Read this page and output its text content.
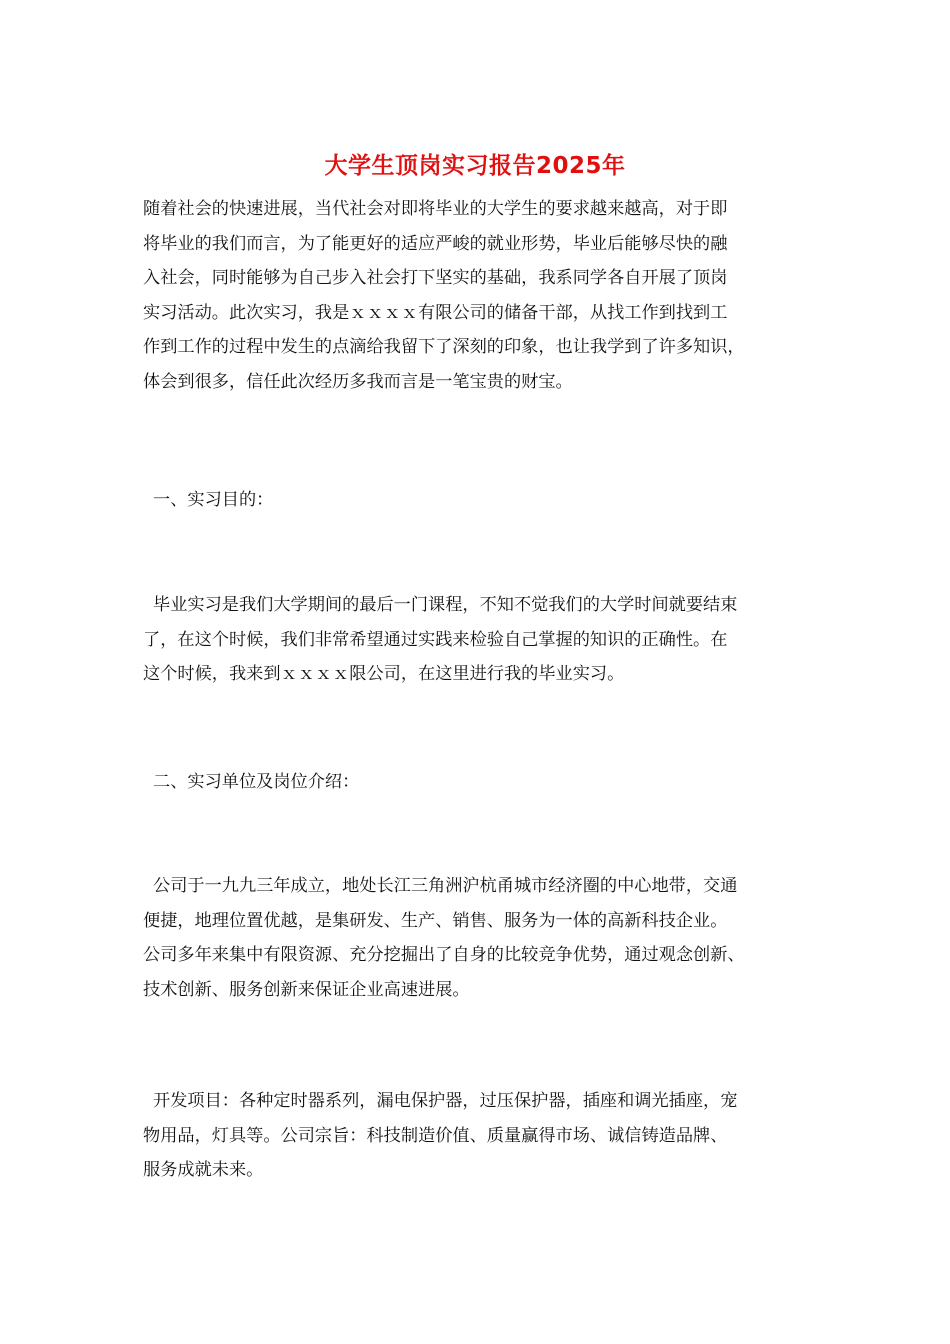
大学生顶岗实习报告2025年
随着社会的快速进展，当代社会对即将毕业的大学生的要求越来越高，对于即
将毕业的我们而言，为了能更好的适应严峻的就业形势，毕业后能够尽快的融
入社会，同时能够为自己步入社会打下坚实的基础，我系同学各自开展了顶岗
实习活动。此次实习，我是ｘｘｘｘ有限公司的储备干部，从找工作到找到工
作到工作的过程中发生的点滴给我留下了深刻的印象，也让我学到了许多知识，
体会到很多，信任此次经历多我而言是一笔宝贵的财宝。
一、实习目的：
毕业实习是我们大学期间的最后一门课程，不知不觉我们的大学时间就要结束
了，在这个时候，我们非常希望通过实践来检验自己掌握的知识的正确性。在
这个时候，我来到ｘｘｘｘ限公司，在这里进行我的毕业实习。
二、实习单位及岗位介绍：
公司于一九九三年成立，地处长江三角洲沪杭甬城市经济圈的中心地带，交通
便捷，地理位置优越，是集研发、生产、销售、服务为一体的高新科技企业。
公司多年来集中有限资源、充分挖掘出了自身的比较竞争优势，通过观念创新、
技术创新、服务创新来保证企业高速进展。
开发项目：各种定时器系列，漏电保护器，过压保护器，插座和调光插座，宠
物用品，灯具等。公司宗旨：科技制造价值、质量赢得市场、诚信铸造品牌、
服务成就未来。
